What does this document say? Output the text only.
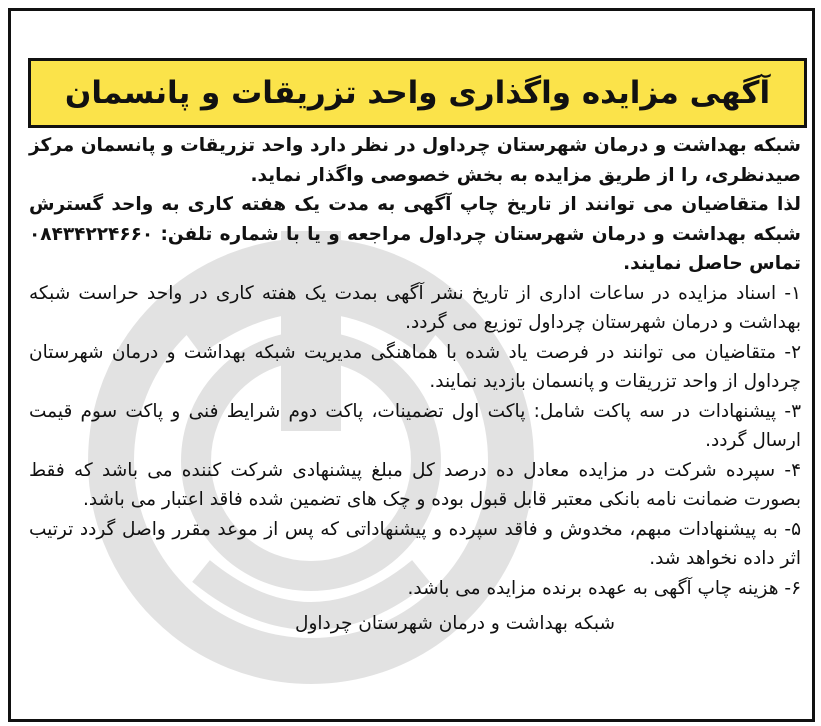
آگهی مزایده واگذاری واحد تزریقات و پانسمان

شبکه بهداشت و درمان شهرستان چرداول در نظر دارد واحد تزریقات و پانسمان مرکز صیدنظری، را از طریق مزایده به بخش خصوصی واگذار نماید.

لذا متقاضیان می توانند از تاریخ چاپ آگهی به مدت یک هفته کاری به واحد گسترش شبکه بهداشت و درمان شهرستان چرداول مراجعه و یا با شماره تلفن: ۰۸۴۳۴۲۲۴۶۶۰ تماس حاصل نمایند.

۱- اسناد مزایده در ساعات اداری از تاریخ نشر آگهی بمدت یک هفته کاری در واحد حراست شبکه بهداشت و درمان شهرستان چرداول توزیع می گردد.

۲- متقاضیان می توانند در فرصت یاد شده با هماهنگی مدیریت شبکه بهداشت و درمان شهرستان چرداول از واحد تزریقات و پانسمان بازدید نمایند.

۳- پیشنهادات در سه پاکت شامل: پاکت اول تضمینات، پاکت دوم شرایط فنی و پاکت سوم قیمت ارسال گردد.

۴- سپرده شرکت در مزایده معادل ده درصد کل مبلغ پیشنهادی شرکت کننده می باشد که فقط بصورت ضمانت نامه بانکی معتبر قابل قبول بوده و چک های تضمین شده فاقد اعتبار می باشد.

۵- به پیشنهادات مبهم، مخدوش و فاقد سپرده و پیشنهاداتی که پس از موعد مقرر واصل گردد ترتیب اثر داده نخواهد شد.

۶- هزینه چاپ آگهی به عهده برنده مزایده می باشد.

شبکه بهداشت و درمان شهرستان چرداول
